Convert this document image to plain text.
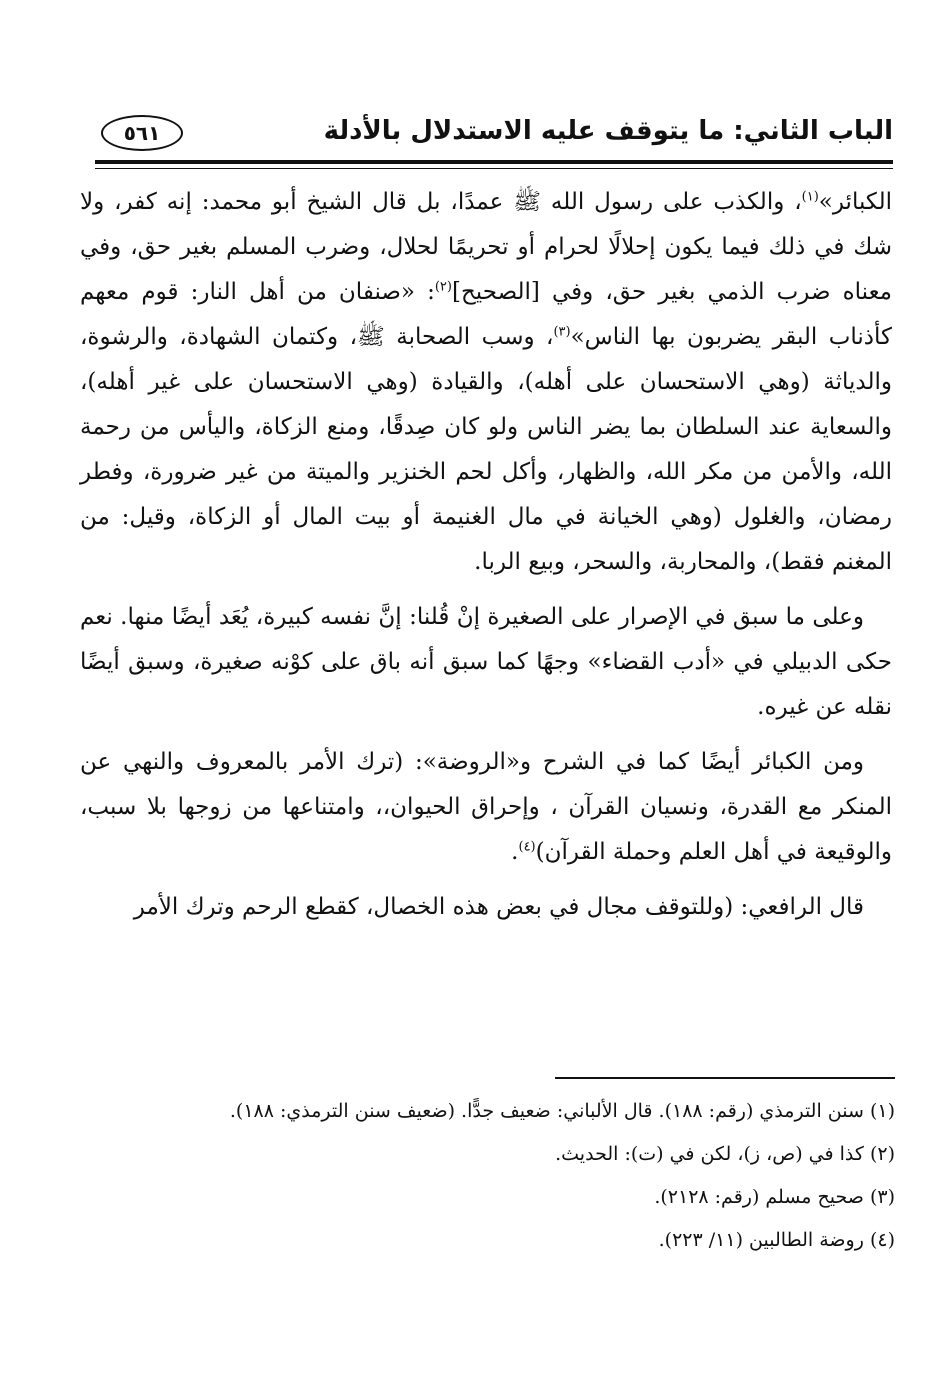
الباب الثاني: ما يتوقف عليه الاستدلال بالأدلة
٥٦١

الكبائر»$^{(١)}$، والكذب على رسول الله ﷺ عمدًا، بل قال الشيخ أبو محمد: إنه كفر، ولا شك في ذلك فيما يكون إحلالًا لحرام أو تحريمًا لحلال، وضرب المسلم بغير حق، وفي معناه ضرب الذمي بغير حق، وفي [الصحيح]$^{(٢)}$: «صنفان من أهل النار: قوم معهم كأذناب البقر يضربون بها الناس»$^{(٣)}$، وسب الصحابة ﷺ، وكتمان الشهادة، والرشوة، والدياثة (وهي الاستحسان على أهله)، والقيادة (وهي الاستحسان على غير أهله)، والسعاية عند السلطان بما يضر الناس ولو كان صِدقًا، ومنع الزكاة، واليأس من رحمة الله، والأمن من مكر الله، والظهار، وأكل لحم الخنزير والميتة من غير ضرورة، وفطر رمضان، والغلول (وهي الخيانة في مال الغنيمة أو بيت المال أو الزكاة، وقيل: من المغنم فقط)، والمحاربة، والسحر، وبيع الربا.

وعلى ما سبق في الإصرار على الصغيرة إنْ قُلنا: إنَّ نفسه كبيرة، يُعَد أيضًا منها. نعم حكى الدبيلي في «أدب القضاء» وجهًا كما سبق أنه باق على كوْنه صغيرة، وسبق أيضًا نقله عن غيره.

ومن الكبائر أيضًا كما في الشرح و«الروضة»: (ترك الأمر بالمعروف والنهي عن المنكر مع القدرة، ونسيان القرآن ، وإحراق الحيوان،، وامتناعها من زوجها بلا سبب، والوقيعة في أهل العلم وحملة القرآن)$^{(٤)}$.

قال الرافعي: (وللتوقف مجال في بعض هذه الخصال، كقطع الرحم وترك الأمر

(١) سنن الترمذي (رقم: ١٨٨). قال الألباني: ضعيف جدًّا. (ضعيف سنن الترمذي: ١٨٨).
(٢) كذا في (ص، ز)، لكن في (ت): الحديث.
(٣) صحيح مسلم (رقم: ٢١٢٨).
(٤) روضة الطالبين (١١/ ٢٢٣).
